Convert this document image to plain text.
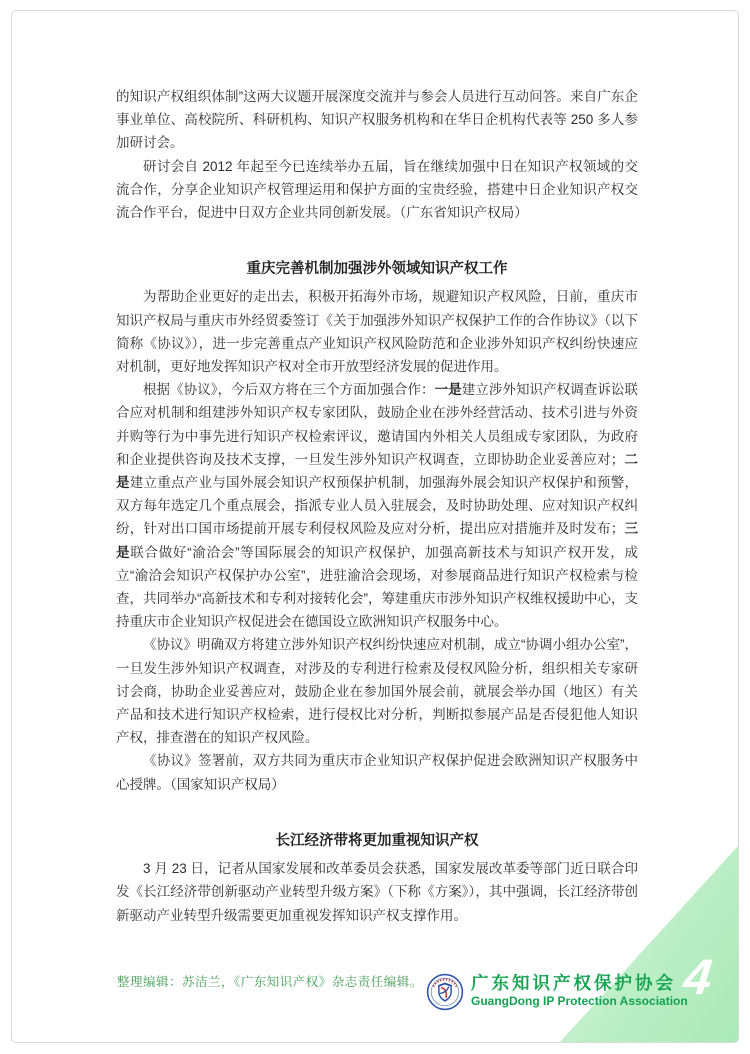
的知识产权组织体制”这两大议题开展深度交流并与参会人员进行互动问答。来自广东企事业单位、高校院所、科研机构、知识产权服务机构和在华日企机构代表等 250 多人参加研讨会。

研讨会自 2012 年起至今已连续举办五届，旨在继续加强中日在知识产权领域的交流合作，分享企业知识产权管理运用和保护方面的宝贵经验，搭建中日企业知识产权交流合作平台，促进中日双方企业共同创新发展。（广东省知识产权局）

重庆完善机制加强涉外领域知识产权工作

为帮助企业更好的走出去，积极开拓海外市场，规避知识产权风险，日前，重庆市知识产权局与重庆市外经贸委签订《关于加强涉外知识产权保护工作的合作协议》（以下简称《协议》），进一步完善重点产业知识产权风险防范和企业涉外知识产权纠纷快速应对机制，更好地发挥知识产权对全市开放型经济发展的促进作用。

根据《协议》，今后双方将在三个方面加强合作：一是建立涉外知识产权调查诉讼联合应对机制和组建涉外知识产权专家团队，鼓励企业在涉外经营活动、技术引进与外资并购等行为中事先进行知识产权检索评议，邀请国内外相关人员组成专家团队，为政府和企业提供咨询及技术支撑，一旦发生涉外知识产权调查，立即协助企业妥善应对；二是建立重点产业与国外展会知识产权预保护机制，加强海外展会知识产权保护和预警，双方每年选定几个重点展会，指派专业人员入驻展会，及时协助处理、应对知识产权纠纷，针对出口国市场提前开展专利侵权风险及应对分析，提出应对措施并及时发布；三是联合做好“渝洽会”等国际展会的知识产权保护，加强高新技术与知识产权开发，成立“渝洽会知识产权保护办公室”，进驻渝洽会现场，对参展商品进行知识产权检索与检查，共同举办“高新技术和专利对接转化会”，筹建重庆市涉外知识产权维权援助中心，支持重庆市企业知识产权促进会在德国设立欧洲知识产权服务中心。

《协议》明确双方将建立涉外知识产权纠纷快速应对机制，成立“协调小组办公室”，一旦发生涉外知识产权调查，对涉及的专利进行检索及侵权风险分析，组织相关专家研讨会商，协助企业妥善应对，鼓励企业在参加国外展会前，就展会举办国（地区）有关产品和技术进行知识产权检索，进行侵权比对分析，判断拟参展产品是否侵犯他人知识产权，排查潜在的知识产权风险。

《协议》签署前，双方共同为重庆市企业知识产权保护促进会欧洲知识产权服务中心授牌。（国家知识产权局）

长江经济带将更加重视知识产权

3 月 23 日，记者从国家发展和改革委员会获悉，国家发展改革委等部门近日联合印发《长江经济带创新驱动产业转型升级方案》（下称《方案》），其中强调，长江经济带创新驱动产业转型升级需要更加重视发挥知识产权支撑作用。

整理编辑：苏洁兰，《广东知识产权》杂志责任编辑。	广东知识产权保护协会
GuangDong IP Protection Association
4
